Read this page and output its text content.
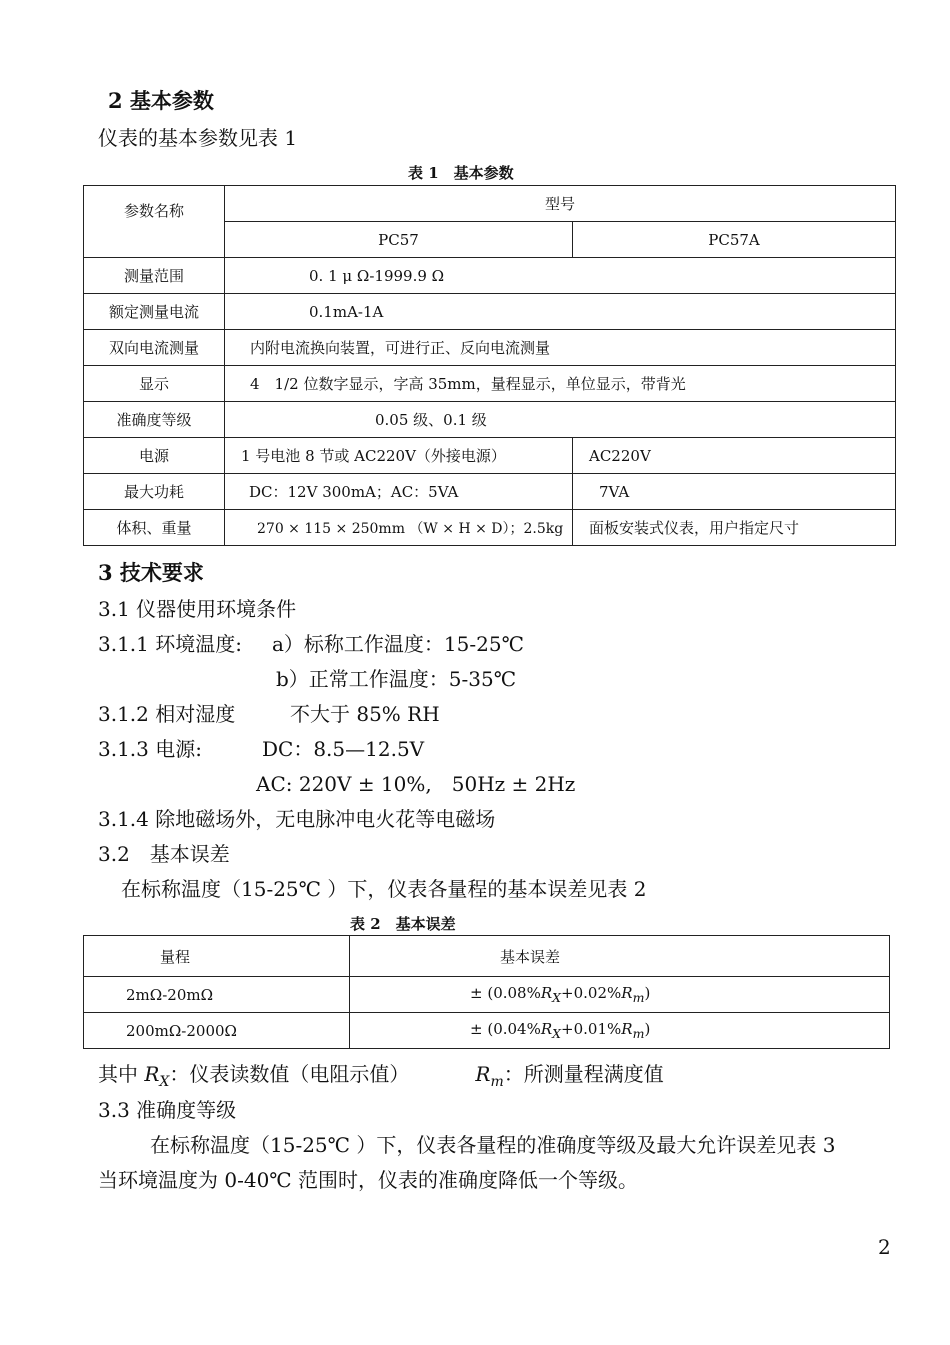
2 基本参数
仪表的基本参数见表 1
表 1　基本参数
参数名称	型号	
	PC57	PC57A
测量范围	0. 1 μ Ω-1999.9 Ω	
额定测量电流	0.1mA-1A	
双向电流测量	内附电流换向装置，可进行正、反向电流测量	
显示	4　1/2 位数字显示，字高 35mm，量程显示，单位显示，带背光	
准确度等级	0.05 级、0.1 级	
电源	1 号电池 8 节或 AC220V（外接电源）	AC220V
最大功耗	DC：12V 300mA；AC：5VA	7VA
体积、重量	270 × 115 × 250mm （W × H × D）；2.5kg	面板安装式仪表，用户指定尺寸
3 技术要求
3.1 仪器使用环境条件
3.1.1 环境温度: a）标称工作温度：15-25℃
b）正常工作温度：5-35℃
3.1.2 相对湿度	不大于 85% RH
3.1.3 电源:	DC：8.5—12.5V
AC: 220V ± 10%,　50Hz ± 2Hz
3.1.4 除地磁场外，无电脉冲电火花等电磁场
3.2　基本误差
在标称温度（15-25℃ ）下，仪表各量程的基本误差见表 2
表 2　基本误差
量程	基本误差
2mΩ-20mΩ	± $(0.08\%R_X+0.02\%R_m)$
200mΩ-2000Ω	± $(0.04\%R_X+0.01\%R_m)$
其中 $R_X$：仪表读数值（电阻示值）	$R_m$：所测量程满度值
3.3 准确度等级
在标称温度（15-25℃ ）下，仪表各量程的准确度等级及最大允许误差见表 3
当环境温度为 0-40℃ 范围时，仪表的准确度降低一个等级。
2
